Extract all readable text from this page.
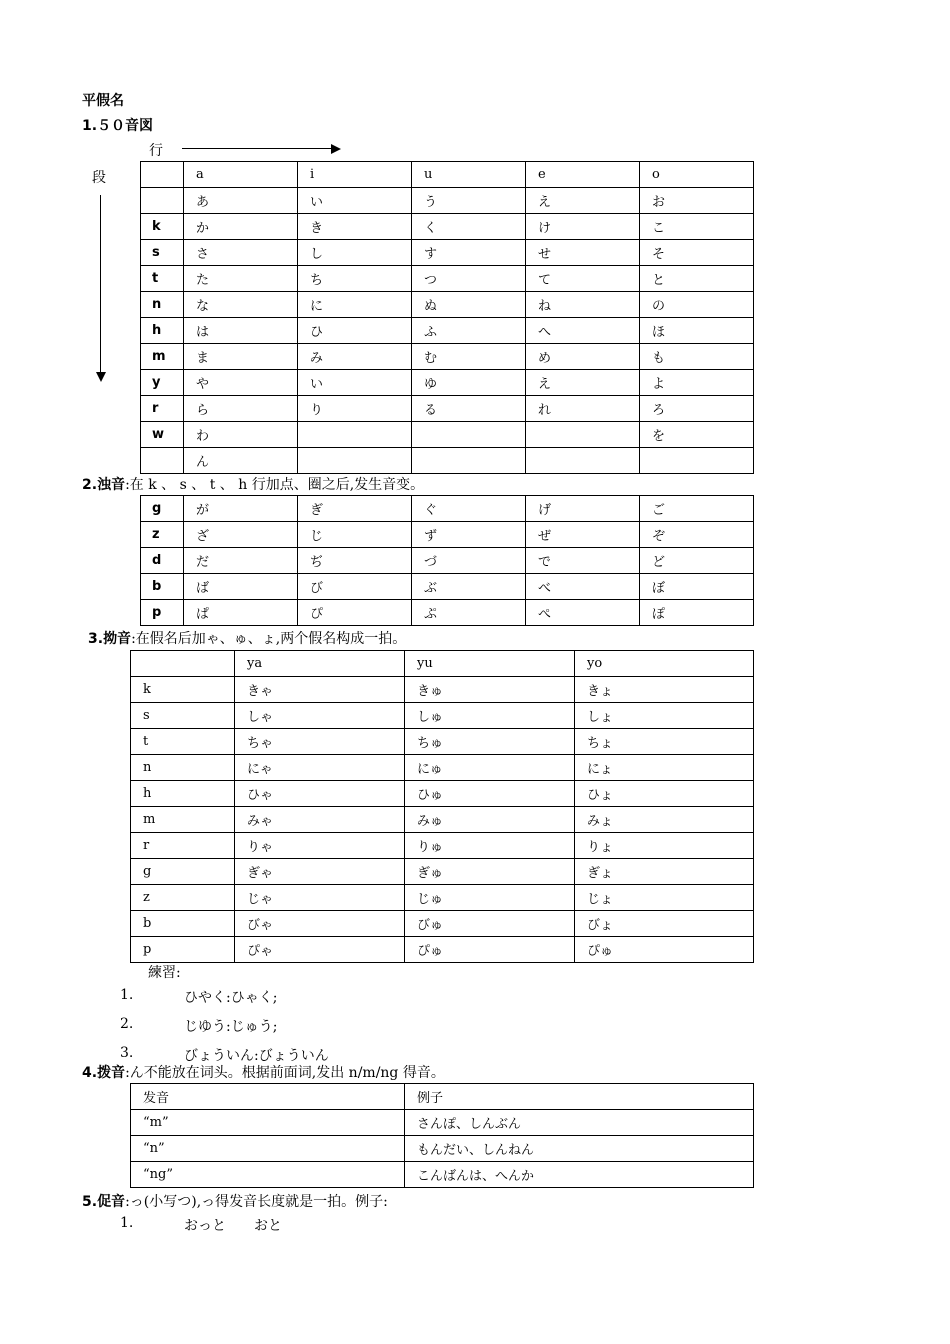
平假名
1.５０音図
行
段
		a	i	u	e	o
	あ	い	う	え	お
k	か	き	く	け	こ
s	さ	し	す	せ	そ
t	た	ち	つ	て	と
n	な	に	ぬ	ね	の
h	は	ひ	ふ	へ	ほ
m	ま	み	む	め	も
y	や	い	ゆ	え	よ
r	ら	り	る	れ	ろ
w	わ				を
	ん				
2.浊音:在 k 、 s 、 t 、 h 行加点、圈之后,发生音变。
g	が	ぎ	ぐ	げ	ご
z	ざ	じ	ず	ぜ	ぞ
d	だ	ぢ	づ	で	ど
b	ば	び	ぶ	べ	ぼ
p	ぱ	ぴ	ぷ	ぺ	ぽ
3.拗音:在假名后加ゃ、ゅ、ょ,两个假名构成一拍。
	ya	yu	yo
k	きゃ	きゅ	きょ
s	しゃ	しゅ	しょ
t	ちゃ	ちゅ	ちょ
n	にゃ	にゅ	にょ
h	ひゃ	ひゅ	ひょ
m	みゃ	みゅ	みょ
r	りゃ	りゅ	りょ
g	ぎゃ	ぎゅ	ぎょ
z	じゃ	じゅ	じょ
b	びゃ	びゅ	びょ
p	ぴゃ	ぴゅ	ぴゅ
練習:
1.	ひやく:ひゃく;
2.	じゆう:じゅう;
3.	びょういん:びょういん
4.拨音:ん不能放在词头。根据前面词,发出 n/m/ng 得音。
发音	例子
“m”	さんぽ、しんぶん
“n”	もんだい、しんねん
“ng”	こんばんは、へんか
5.促音:っ(小写つ),っ得发音长度就是一拍。例子:
1.	おっと　　おと
